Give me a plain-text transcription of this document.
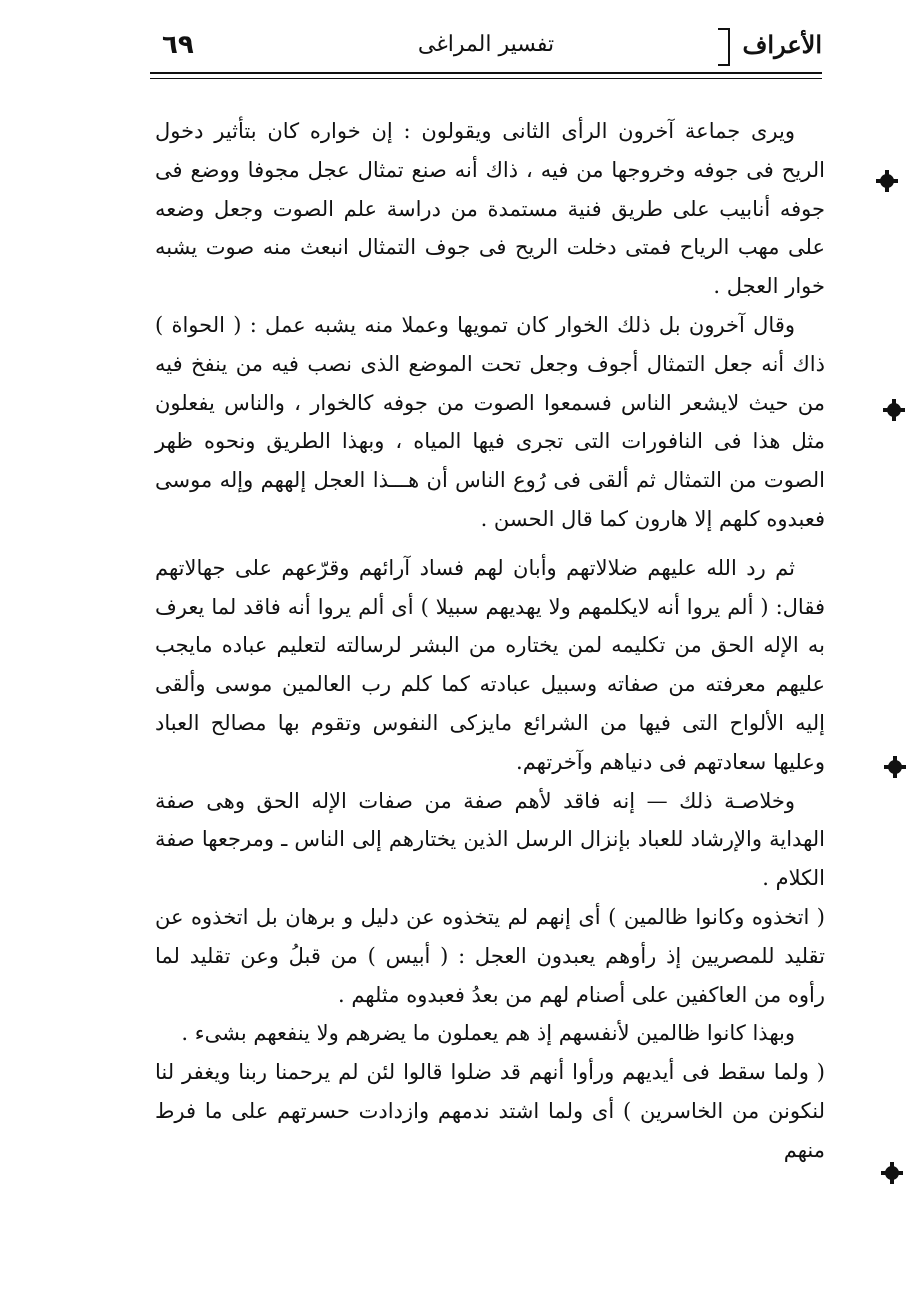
٦٩	تفسير المراغى	الأعراف

ويرى جماعة آخرون الرأى الثانى ويقولون : إن خواره كان بتأثير دخول الريح فى جوفه وخروجها من فيه ، ذاك أنه صنع تمثال عجل مجوفا ووضع فى جوفه أنابيب على طريق فنية مستمدة من دراسة علم الصوت وجعل وضعه على مهب الرياح فمتى دخلت الريح فى جوف التمثال انبعث منه صوت يشبه خوار العجل .

وقال آخرون بل ذلك الخوار كان تمويها وعملا منه يشبه عمل : ( الحواة ) ذاك أنه جعل التمثال أجوف وجعل تحت الموضع الذى نصب فيه من ينفخ فيه من حيث لايشعر الناس فسمعوا الصوت من جوفه كالخوار ، والناس يفعلون مثل هذا فى النافورات التى تجرى فيها المياه ، وبهذا الطريق ونحوه ظهر الصوت من التمثال ثم ألقى فى رُوع الناس أن هـــذا العجل إلههم وإله موسى فعبدوه كلهم إلا هارون كما قال الحسن .

ثم رد الله عليهم ضلالاتهم وأبان لهم فساد آرائهم وقرّعهم على جهالاتهم فقال: ( ألم يروا أنه لايكلمهم ولا يهديهم سبيلا ) أى ألم يروا أنه فاقد لما يعرف به الإله الحق من تكليمه لمن يختاره من البشر لرسالته لتعليم عباده مايجب عليهم معرفته من صفاته وسبيل عبادته كما كلم رب العالمين موسى وألقى إليه الألواح التى فيها من الشرائع مايزكى النفوس وتقوم بها مصالح العباد وعليها سعادتهم فى دنياهم وآخرتهم.

وخلاصـة ذلك — إنه فاقد لأهم صفة من صفات الإله الحق وهى صفة الهداية والإرشاد للعباد بإنزال الرسل الذين يختارهم إلى الناس ـ ومرجعها صفة الكلام .

( اتخذوه وكانوا ظالمين ) أى إنهم لم يتخذوه عن دليل و برهان بل اتخذوه عن تقليد للمصريين إذ رأوهم يعبدون العجل : ( أبيس ) من قبلُ وعن تقليد لما رأوه من العاكفين على أصنام لهم من بعدُ فعبدوه مثلهم .

وبهذا كانوا ظالمين لأنفسهم إذ هم يعملون ما يضرهم ولا ينفعهم بشىء .

( ولما سقط فى أيديهم ورأوا أنهم قد ضلوا قالوا لئن لم يرحمنا ربنا ويغفر لنا لنكونن من الخاسرين ) أى ولما اشتد ندمهم وازدادت حسرتهم على ما فرط منهم
